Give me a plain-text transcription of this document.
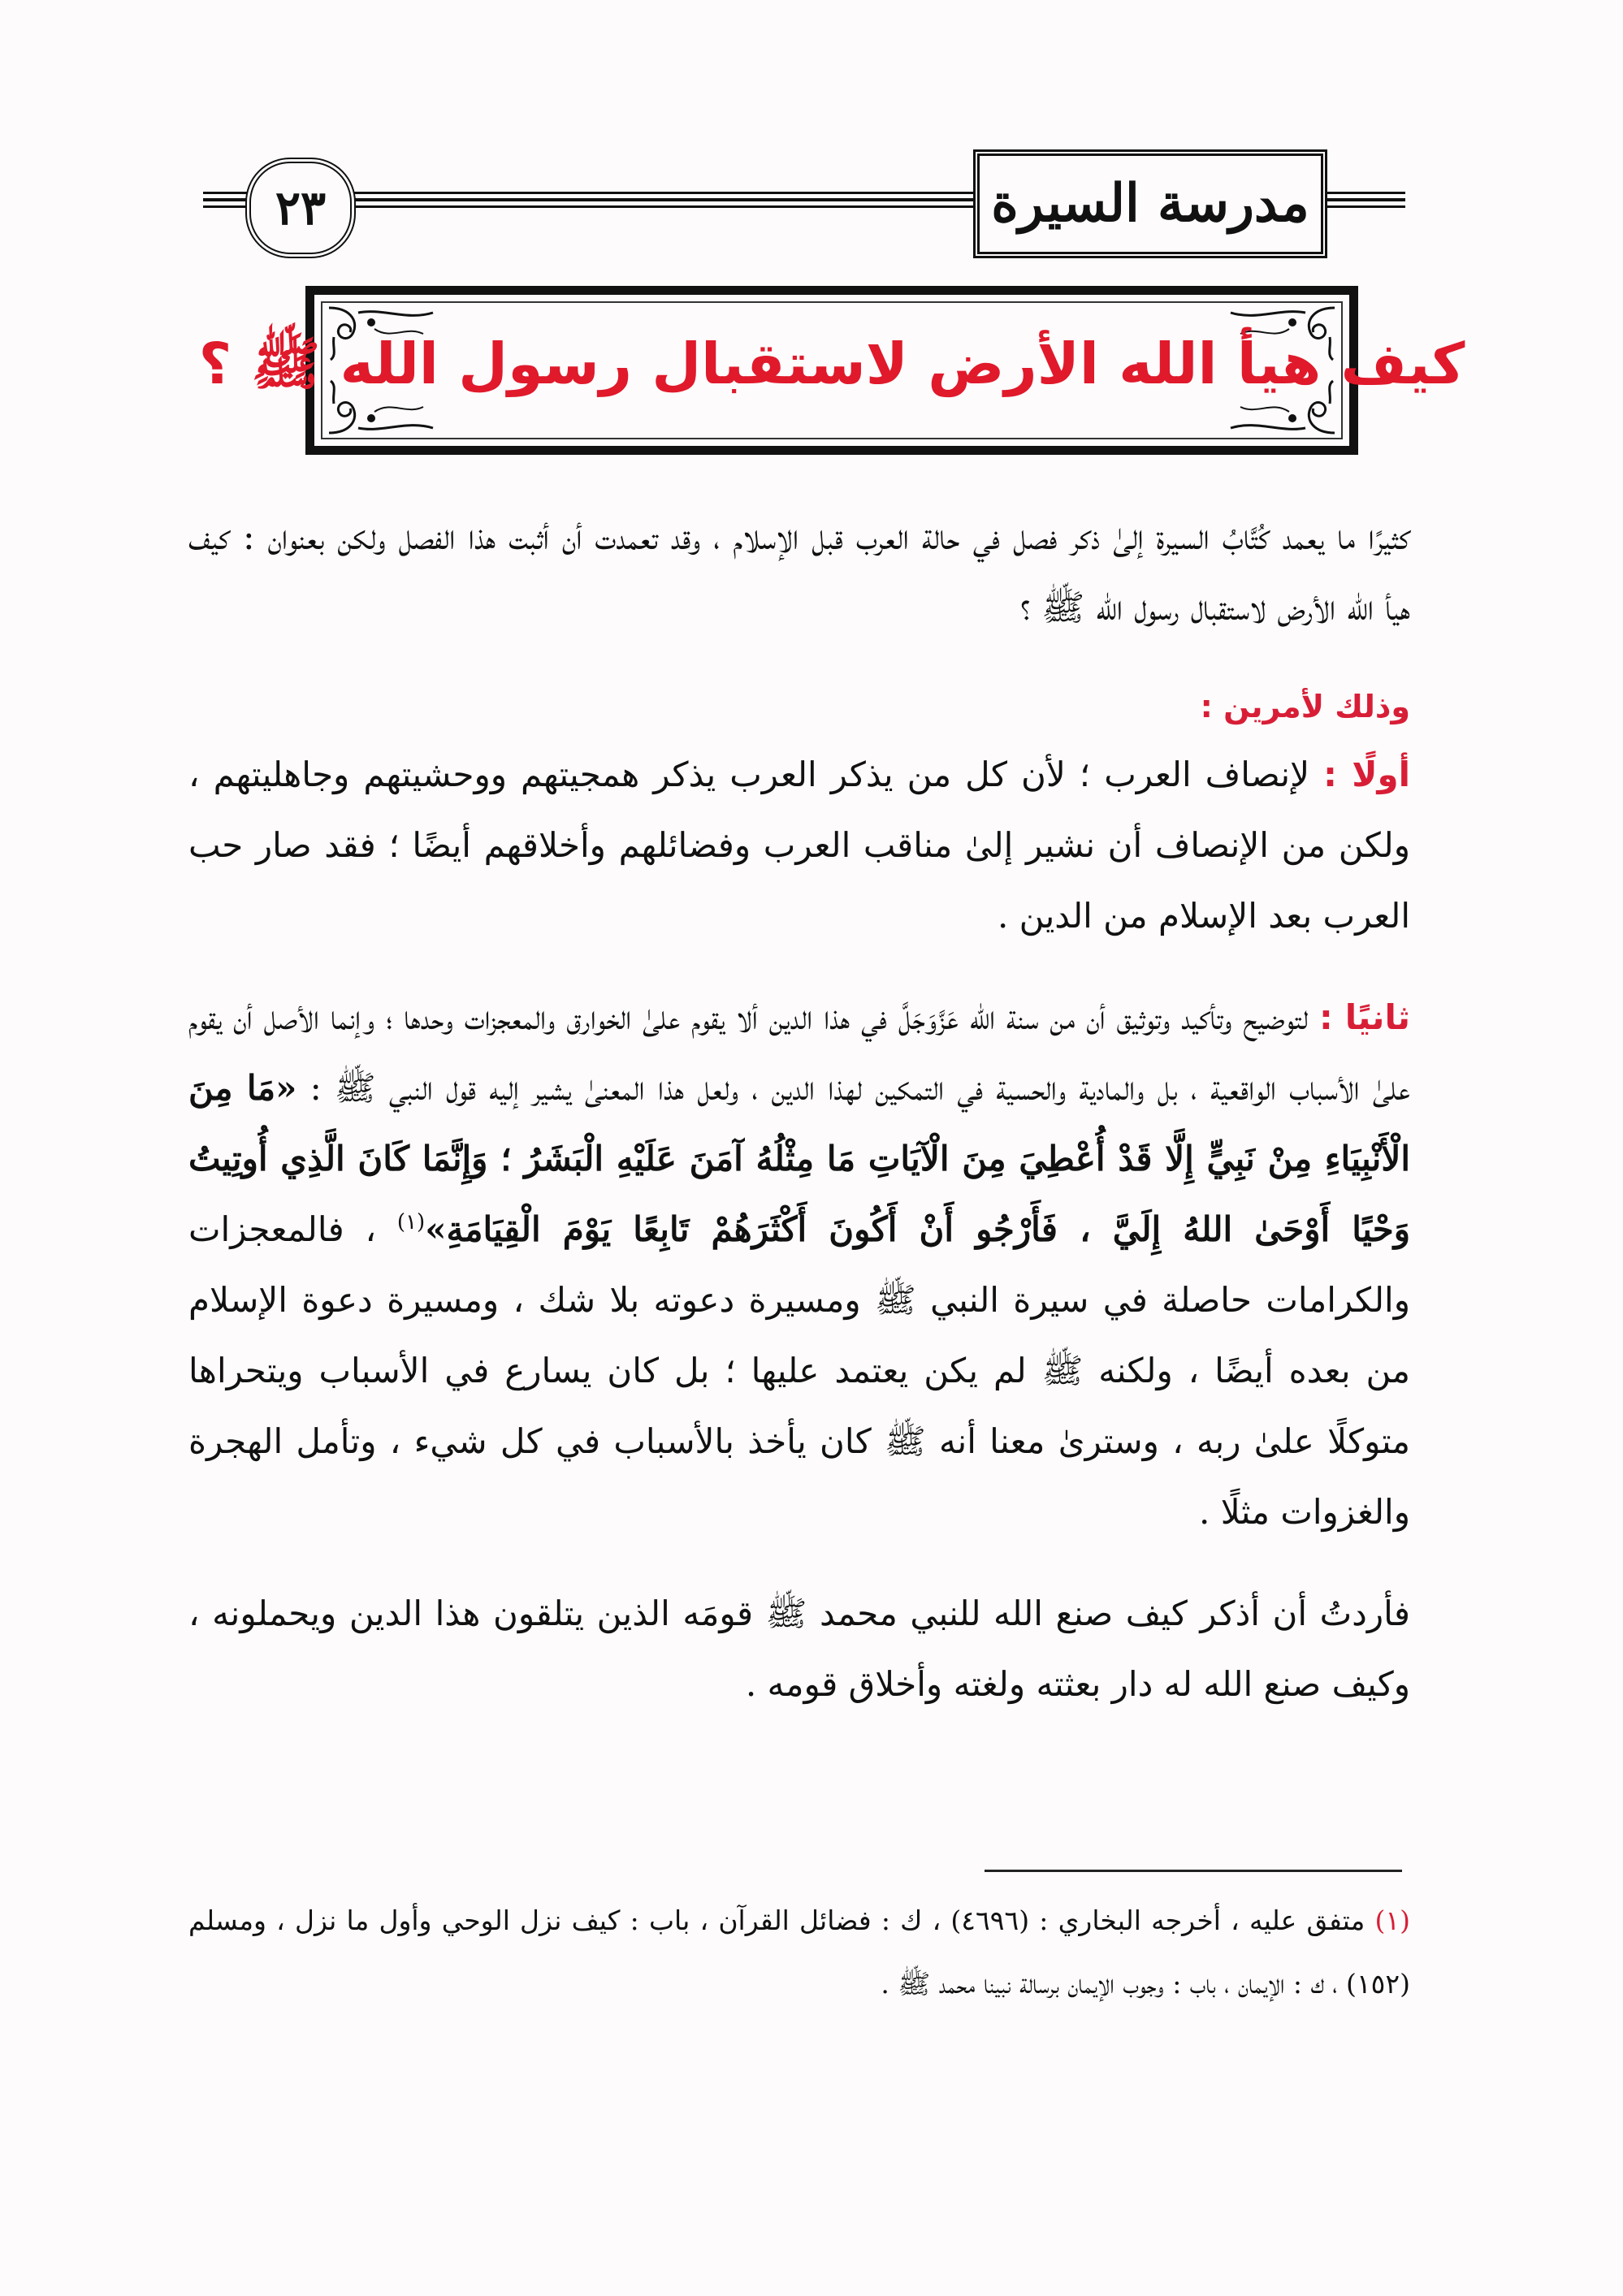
٢٣	مدرسة السيرة
كيف هيأ الله الأرض لاستقبال رسول الله ﷺ ؟

كثيرًا ما يعمد كُتَّابُ السيرة إلىٰ ذكر فصل في حالة العرب قبل الإسلام ، وقد تعمدت أن أثبت هذا الفصل ولكن بعنوان : كيف هيأ الله الأرض لاستقبال رسول الله ﷺ ؟

وذلك لأمرين :

أولًا : لإنصاف العرب ؛ لأن كل من يذكر العرب يذكر همجيتهم ووحشيتهم وجاهليتهم ، ولكن من الإنصاف أن نشير إلىٰ مناقب العرب وفضائلهم وأخلاقهم أيضًا ؛ فقد صار حب العرب بعد الإسلام من الدين .

ثانيًا : لتوضيح وتأكيد وتوثيق أن من سنة الله عَزَّوَجَلَّ في هذا الدين ألا يقوم علىٰ الخوارق والمعجزات وحدها ؛ وإنما الأصل أن يقوم علىٰ الأسباب الواقعية ، بل والمادية والحسية في التمكين لهذا الدين ، ولعل هذا المعنىٰ يشير إليه قول النبي ﷺ : «مَا مِنَ الْأَنْبِيَاءِ مِنْ نَبِيٍّ إِلَّا قَدْ أُعْطِيَ مِنَ الْآيَاتِ مَا مِثْلُهُ آمَنَ عَلَيْهِ الْبَشَرُ ؛ وَإِنَّمَا كَانَ الَّذِي أُوتِيتُ وَحْيًا أَوْحَىٰ اللهُ إِلَيَّ ، فَأَرْجُو أَنْ أَكُونَ أَكْثَرَهُمْ تَابِعًا يَوْمَ الْقِيَامَةِ»$^{(١)}$ ، فالمعجزات والكرامات حاصلة في سيرة النبي ﷺ ومسيرة دعوته بلا شك ، ومسيرة دعوة الإسلام من بعده أيضًا ، ولكنه ﷺ لم يكن يعتمد عليها ؛ بل كان يسارع في الأسباب ويتحراها متوكلًا علىٰ ربه ، وسترىٰ معنا أنه ﷺ كان يأخذ بالأسباب في كل شيء ، وتأمل الهجرة والغزوات مثلًا .

فأردتُ أن أذكر كيف صنع الله للنبي محمد ﷺ قومَه الذين يتلقون هذا الدين ويحملونه ، وكيف صنع الله له دار بعثته ولغته وأخلاق قومه .

(١) متفق عليه ، أخرجه البخاري : (٤٦٩٦) ، ك : فضائل القرآن ، باب : كيف نزل الوحي وأول ما نزل ، ومسلم (١٥٢) ، ك : الإيمان ، باب : وجوب الإيمان برسالة نبينا محمد ﷺ .
